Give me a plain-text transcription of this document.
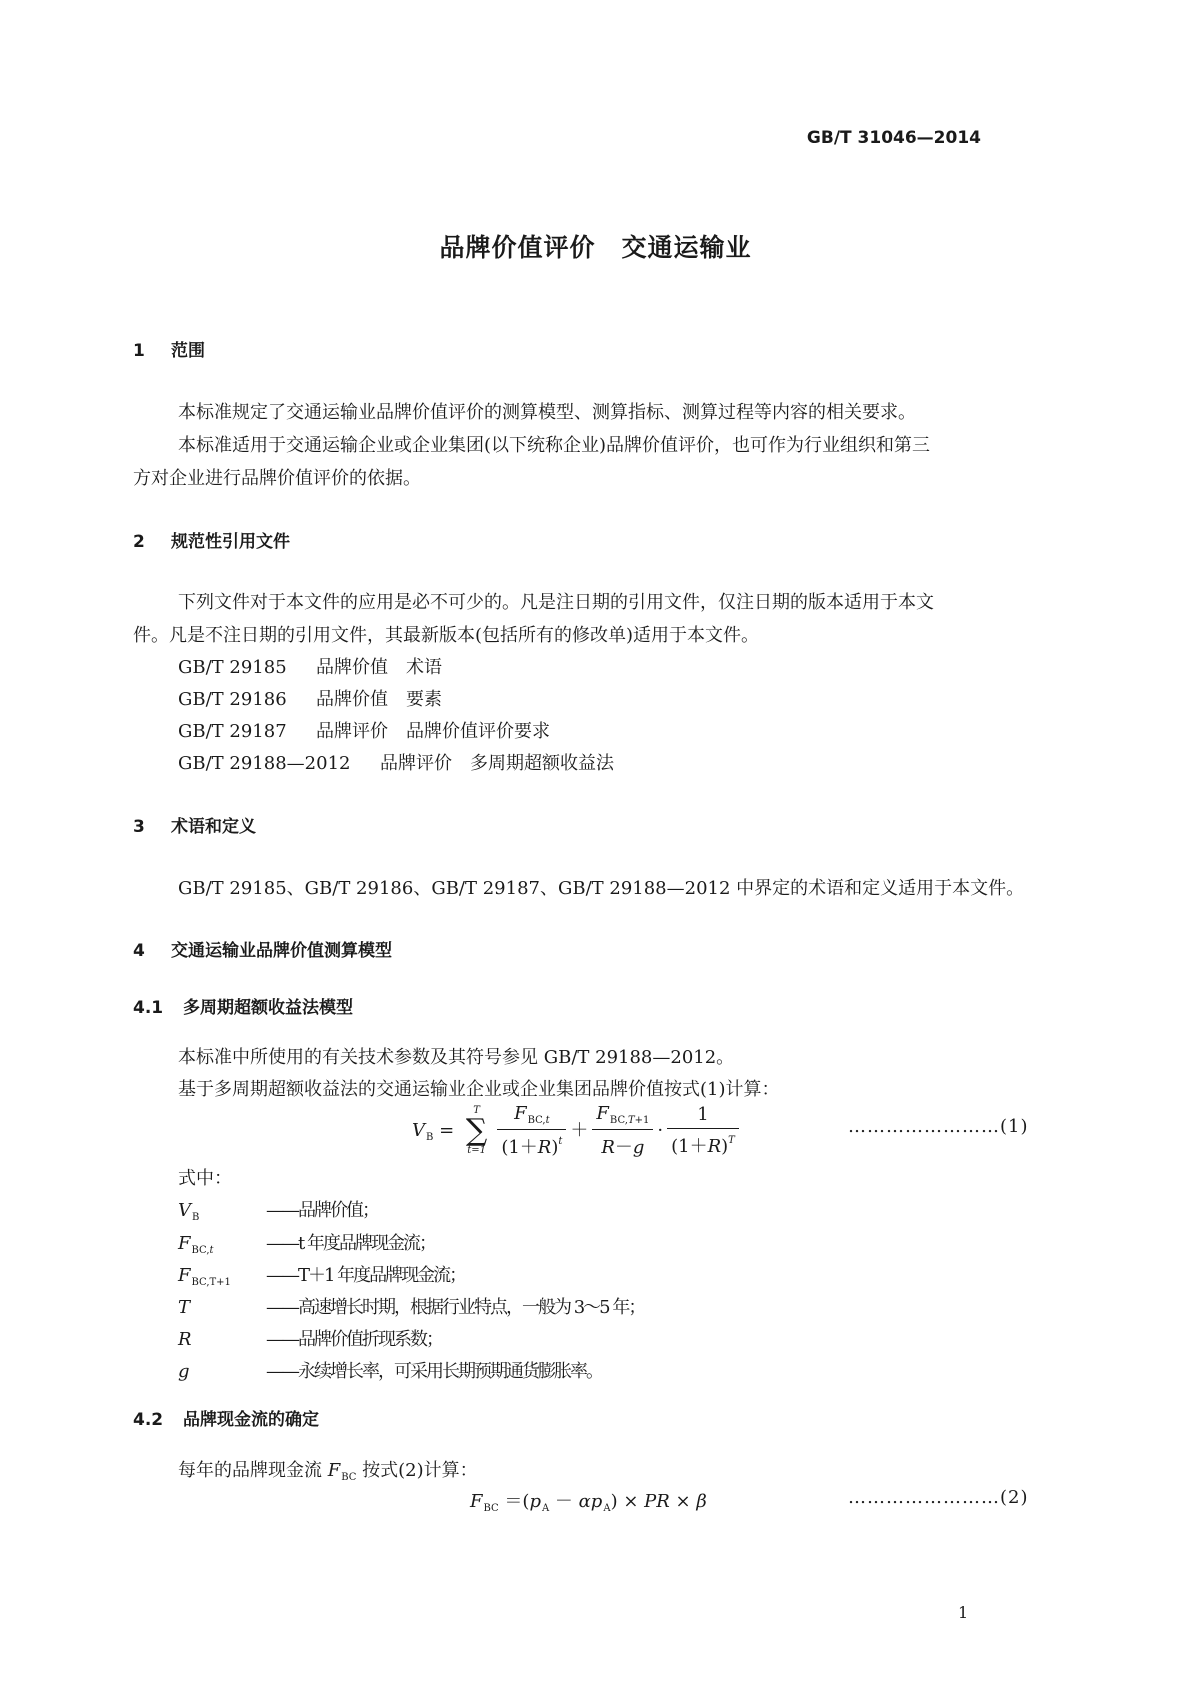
GB/T 31046—2014
品牌价值评价　交通运输业
1 范围
本标准规定了交通运输业品牌价值评价的测算模型、测算指标、测算过程等内容的相关要求。
本标准适用于交通运输企业或企业集团(以下统称企业)品牌价值评价，也可作为行业组织和第三
方对企业进行品牌价值评价的依据。
2 规范性引用文件
下列文件对于本文件的应用是必不可少的。凡是注日期的引用文件，仅注日期的版本适用于本文
件。凡是不注日期的引用文件，其最新版本(包括所有的修改单)适用于本文件。
GB/T 29185 品牌价值　术语
GB/T 29186 品牌价值　要素
GB/T 29187 品牌评价　品牌价值评价要求
GB/T 29188—2012 品牌评价　多周期超额收益法
3 术语和定义
GB/T 29185、GB/T 29186、GB/T 29187、GB/T 29188—2012 中界定的术语和定义适用于本文件。
4 交通运输业品牌价值测算模型
4.1 多周期超额收益法模型
本标准中所使用的有关技术参数及其符号参见 GB/T 29188—2012。
基于多周期超额收益法的交通运输业企业或企业集团品牌价值按式(1)计算：
$V_B$ =
T
∑
$t=1 \frac{F_{BC,t}}{(1+R)^t} + \frac{F_{BC,T+1}}{R-g} \cdot \frac{1}{(1+R)^T}$	……………………(1)
式中：
$V_B$	——品牌价值；
$F_{BC,t}$	——t 年度品牌现金流；
$F_{BC,T+1}$ ——T＋1 年度品牌现金流；
T	——高速增长时期，根据行业特点，一般为 3～5 年；
R	——品牌价值折现系数；
g	——永续增长率，可采用长期预期通货膨胀率。
4.2 品牌现金流的确定
每年的品牌现金流 $F_{BC}$ 按式(2)计算：
$F_{BC} =(p_A - \alpha p_A)$ × PR × β	……………………(2)
1
